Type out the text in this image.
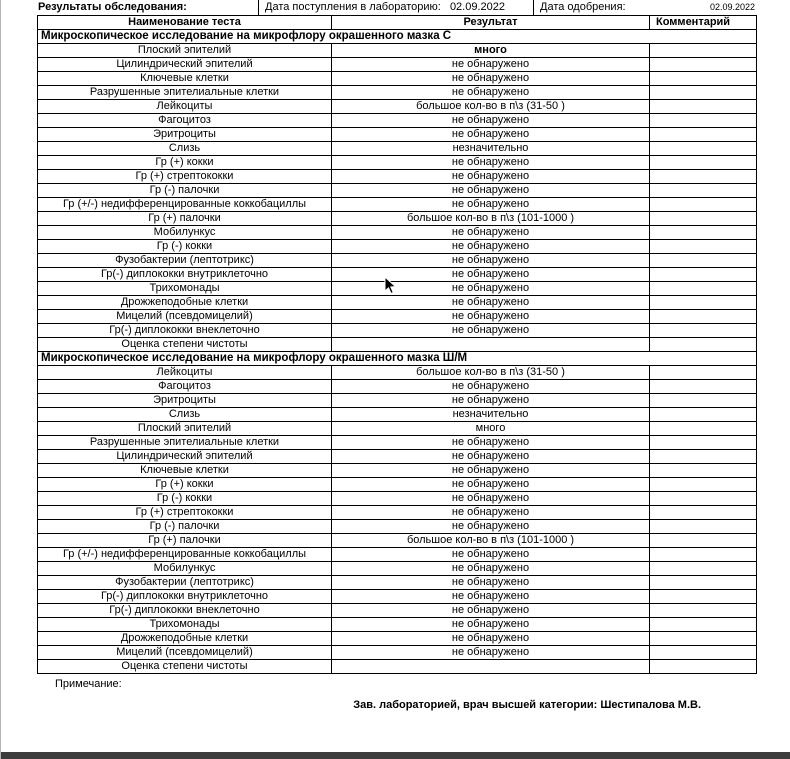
Результаты обследования:	Дата поступления в лабораторию: 02.09.2022	Дата одобрения:	02.09.2022
Наименование теста	Результат	Комментарий
Микроскопическое исследование на микрофлору окрашенного мазка C		
Плоский эпителий	много	
Цилиндрический эпителий	не обнаружено	
Ключевые клетки	не обнаружено	
Разрушенные эпителиальные клетки	не обнаружено	
Лейкоциты	большое кол-во в п\з (31-50 )	
Фагоцитоз	не обнаружено	
Эритроциты	не обнаружено	
Слизь	незначительно	
Гр (+) кокки	не обнаружено	
Гр (+) стрептококки	не обнаружено	
Гр (-) палочки	не обнаружено	
Гр (+/-) недифференцированные коккобациллы	не обнаружено	
Гр (+) палочки	большое кол-во в п\з (101-1000 )	
Мобилункус	не обнаружено	
Гр (-) кокки	не обнаружено	
Фузобактерии (лептотрикс)	не обнаружено	
Гр(-) диплококки внутриклеточно	не обнаружено	
Трихомонады	не обнаружено	
Дрожжеподобные клетки	не обнаружено	
Мицелий (псевдомицелий)	не обнаружено	
Гр(-) диплококки внеклеточно	не обнаружено	
Оценка степени чистоты		
Микроскопическое исследование на микрофлору окрашенного мазка Ш/М		
Лейкоциты	большое кол-во в п\з (31-50 )	
Фагоцитоз	не обнаружено	
Эритроциты	не обнаружено	
Слизь	незначительно	
Плоский эпителий	много	
Разрушенные эпителиальные клетки	не обнаружено	
Цилиндрический эпителий	не обнаружено	
Ключевые клетки	не обнаружено	
Гр (+) кокки	не обнаружено	
Гр (-) кокки	не обнаружено	
Гр (+) стрептококки	не обнаружено	
Гр (-) палочки	не обнаружено	
Гр (+) палочки	большое кол-во в п\з (101-1000 )	
Гр (+/-) недифференцированные коккобациллы	не обнаружено	
Мобилункус	не обнаружено	
Фузобактерии (лептотрикс)	не обнаружено	
Гр(-) диплококки внутриклеточно	не обнаружено	
Гр(-) диплококки внеклеточно	не обнаружено	
Трихомонады	не обнаружено	
Дрожжеподобные клетки	не обнаружено	
Мицелий (псевдомицелий)	не обнаружено	
Оценка степени чистоты		
Примечание:
Зав. лабораторией, врач высшей категории: Шестипалова М.В.
